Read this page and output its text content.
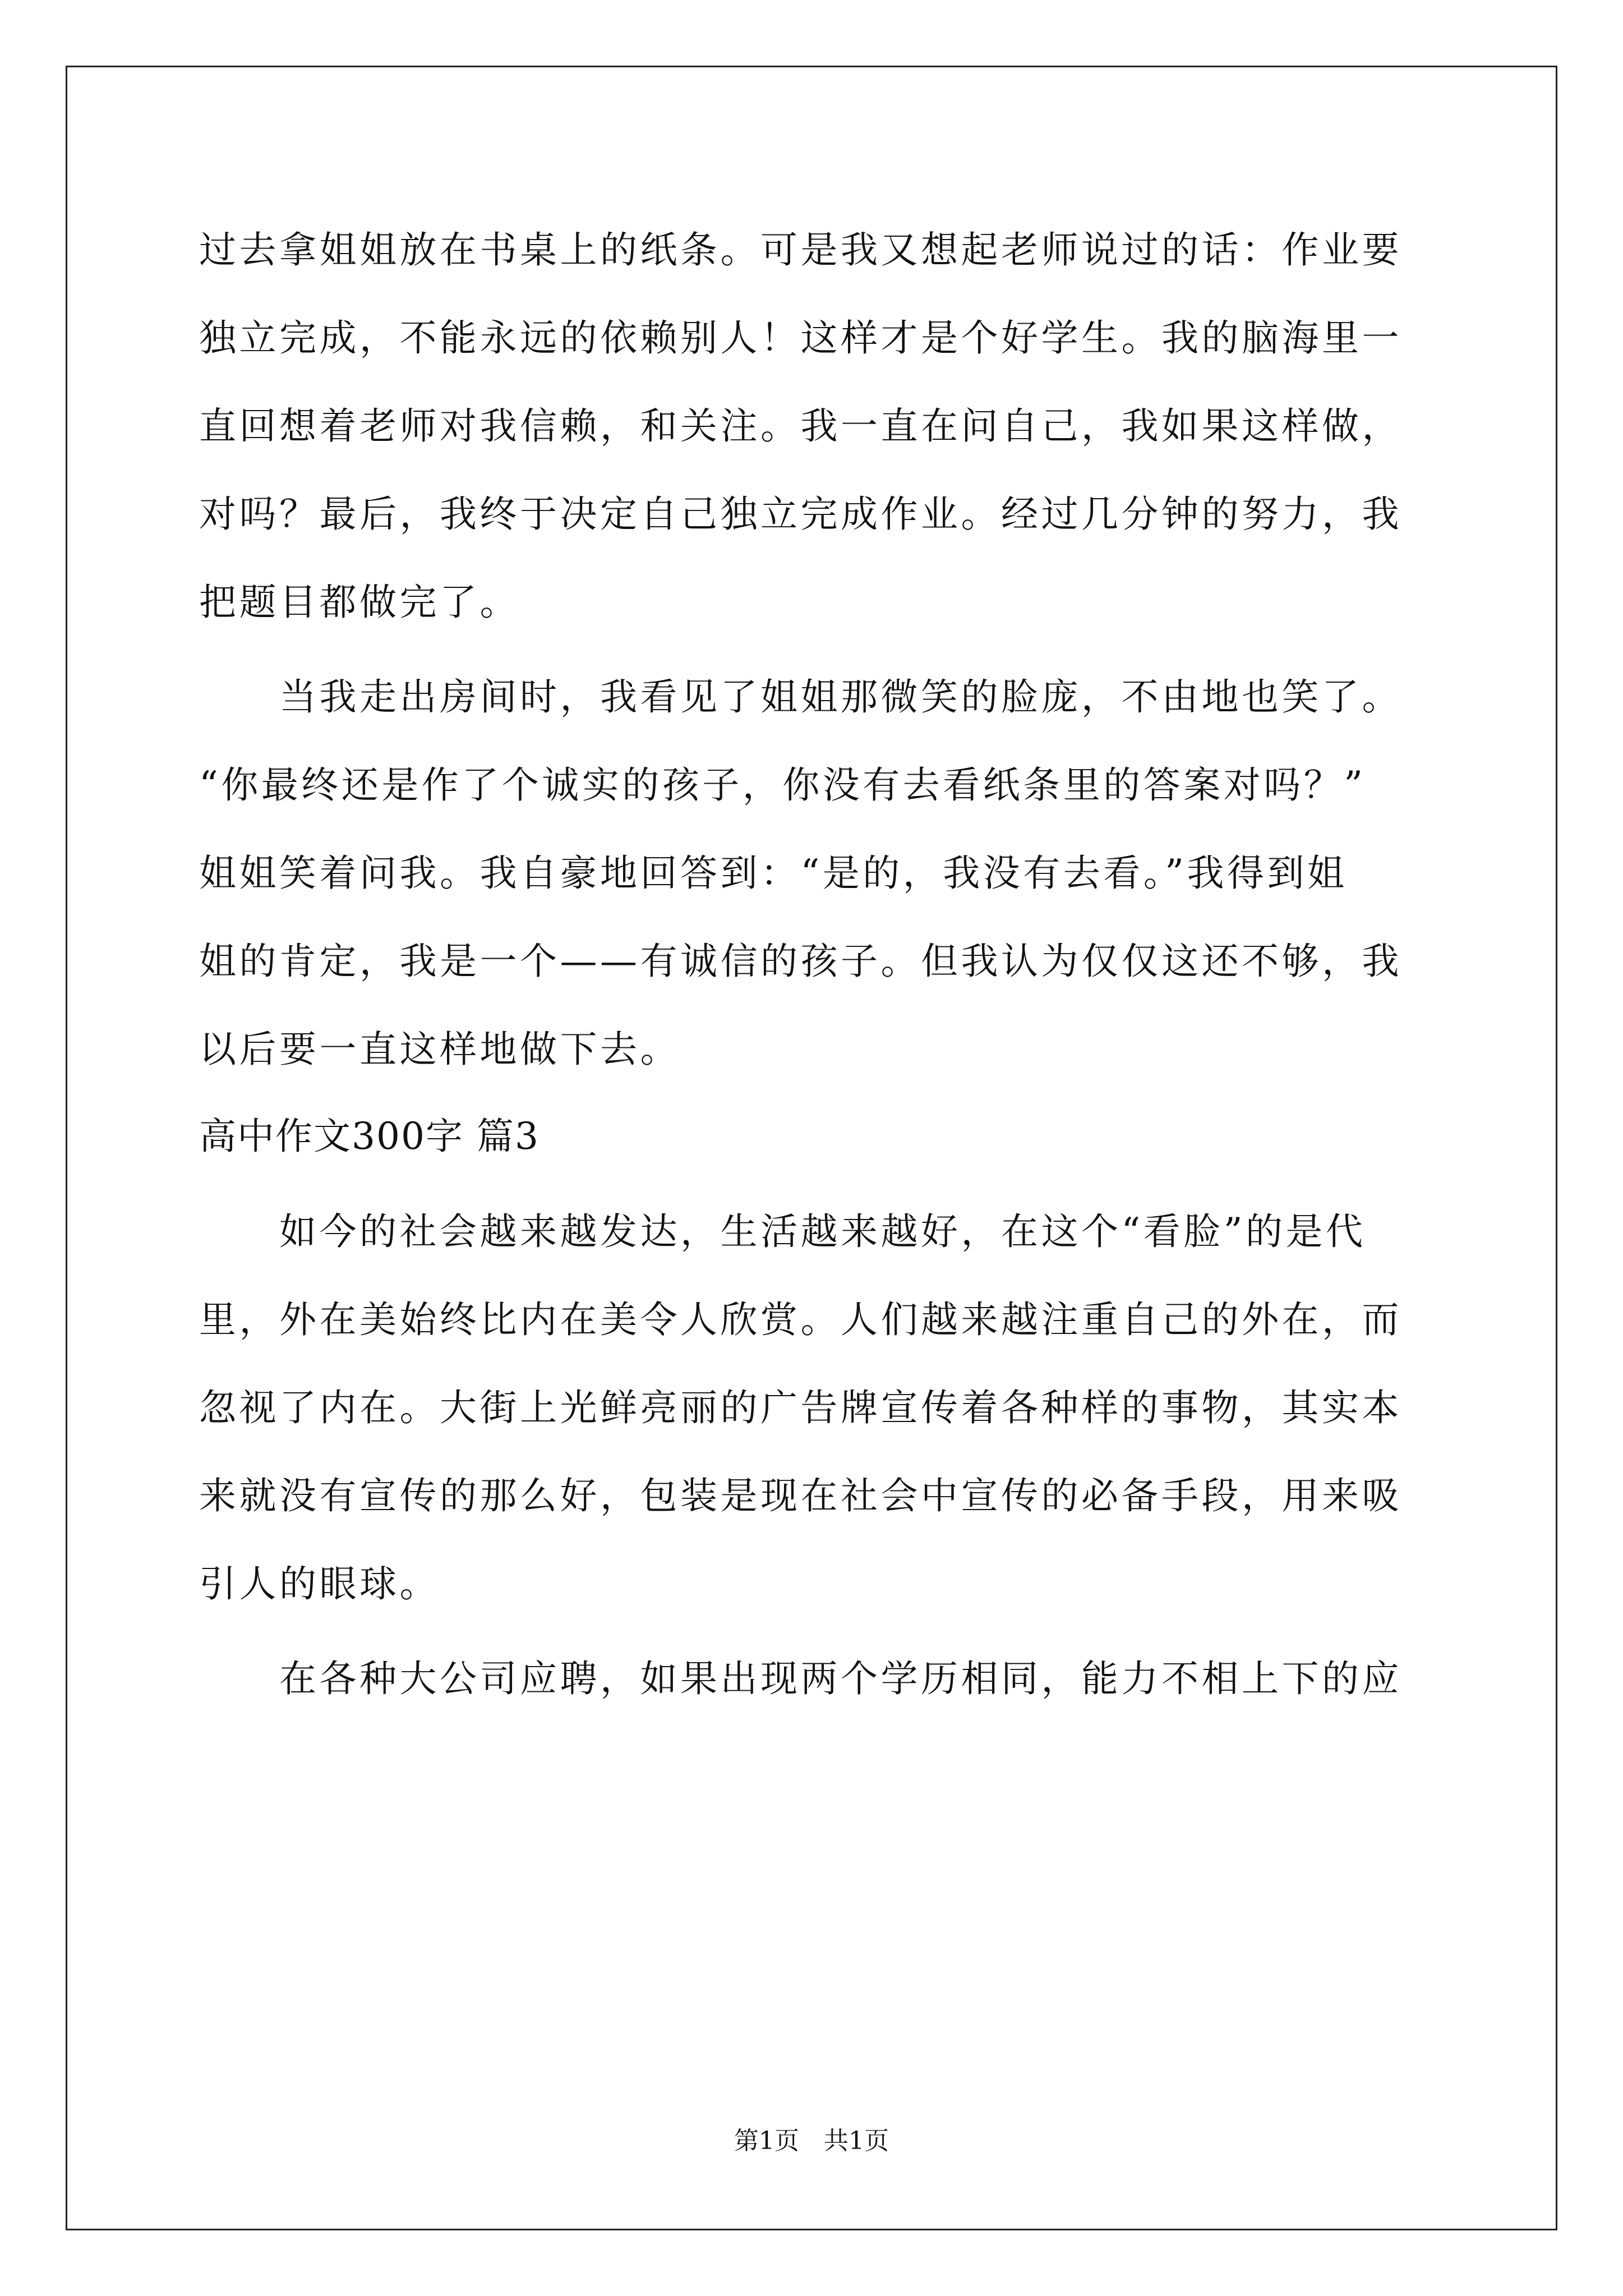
过去拿姐姐放在书桌上的纸条。可是我又想起老师说过的话：作业要
独立完成，不能永远的依赖别人！这样才是个好学生。我的脑海里一
直回想着老师对我信赖，和关注。我一直在问自己，我如果这样做，
对吗？最后，我终于决定自己独立完成作业。经过几分钟的努力，我
把题目都做完了。
　　当我走出房间时，我看见了姐姐那微笑的脸庞，不由地也笑了。
“你最终还是作了个诚实的孩子，你没有去看纸条里的答案对吗？”
姐姐笑着问我。我自豪地回答到：“是的，我没有去看。”我得到姐
姐的肯定，我是一个——有诚信的孩子。但我认为仅仅这还不够，我
以后要一直这样地做下去。
高中作文300字 篇3
　　如今的社会越来越发达，生活越来越好，在这个“看脸”的是代
里，外在美始终比内在美令人欣赏。人们越来越注重自己的外在，而
忽视了内在。大街上光鲜亮丽的广告牌宣传着各种样的事物，其实本
来就没有宣传的那么好，包装是现在社会中宣传的必备手段，用来吸
引人的眼球。
　　在各种大公司应聘，如果出现两个学历相同，能力不相上下的应
第1页　共1页
